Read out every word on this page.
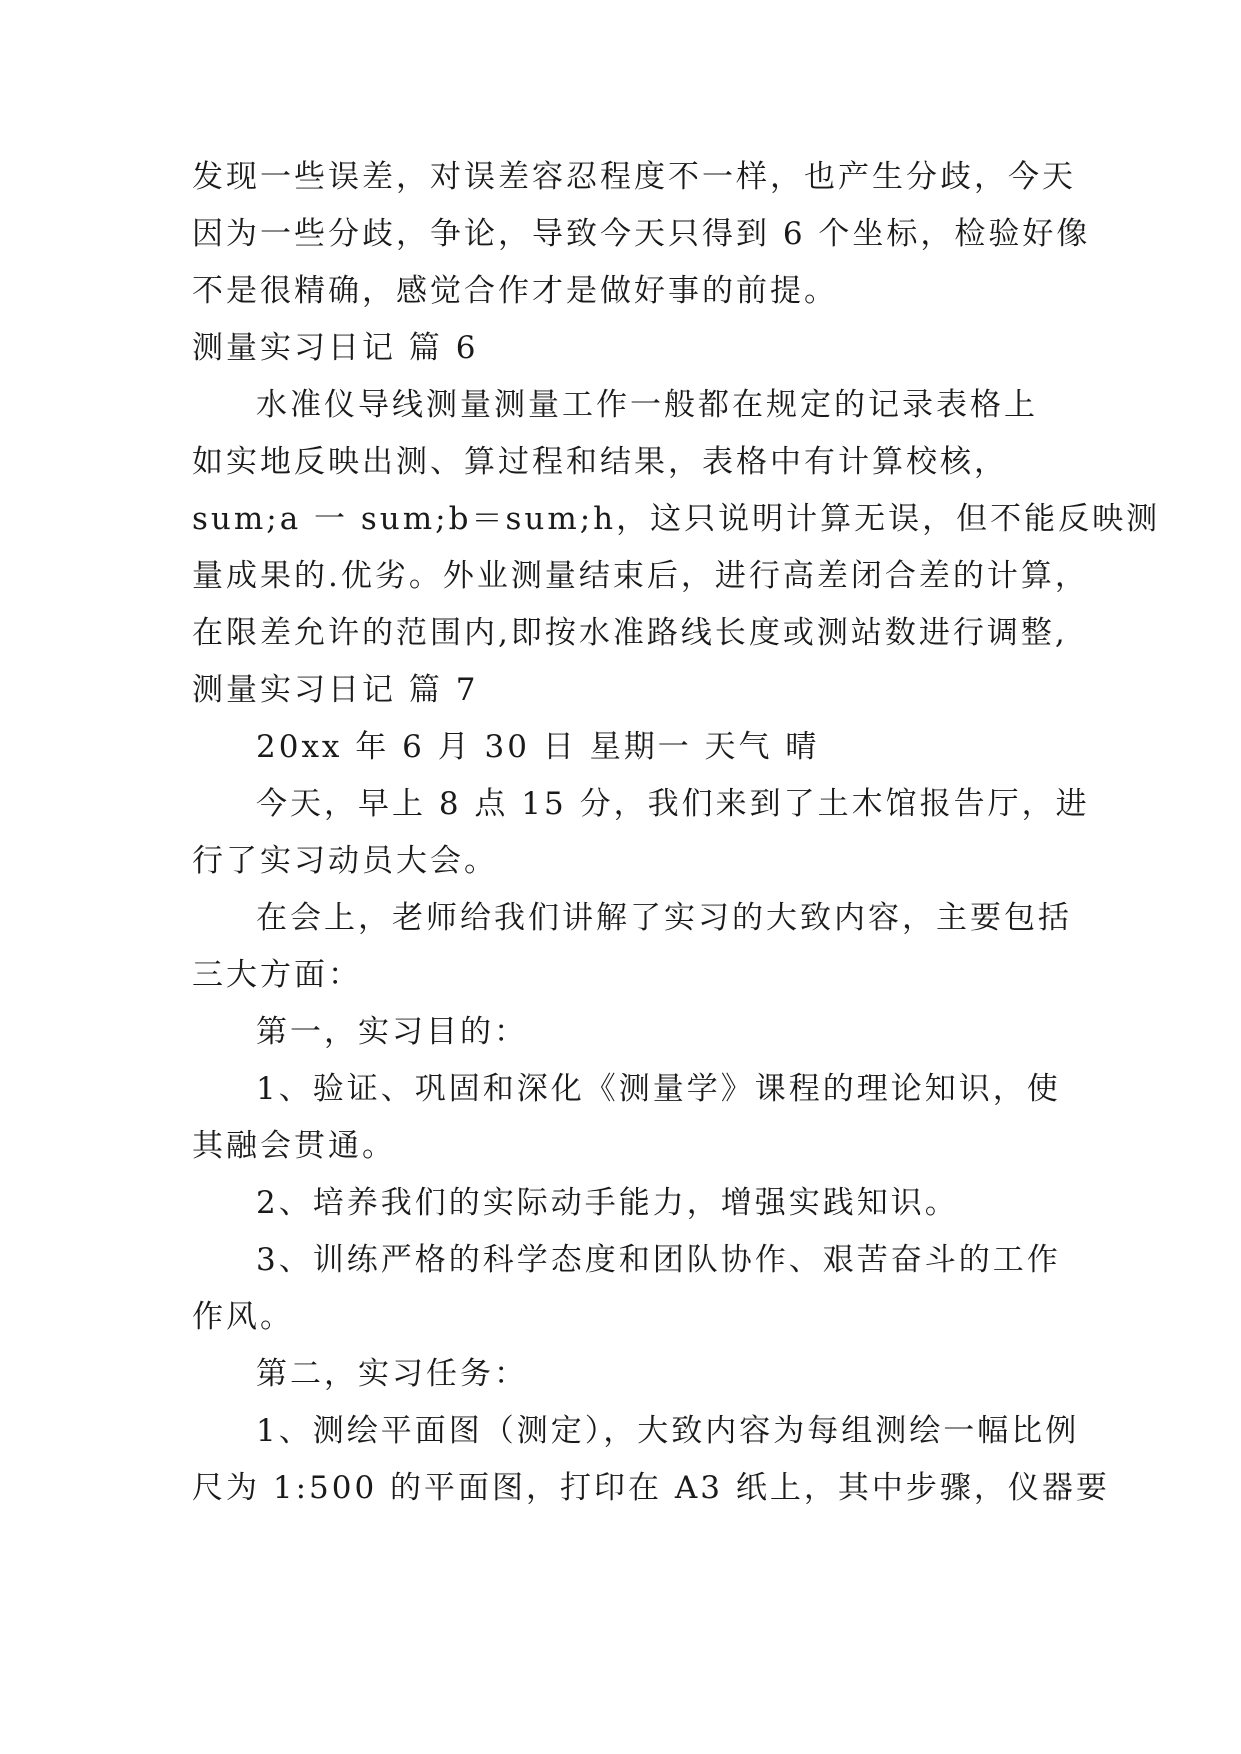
发现一些误差，对误差容忍程度不一样，也产生分歧，今天
因为一些分歧，争论，导致今天只得到 6 个坐标，检验好像
不是很精确，感觉合作才是做好事的前提。
测量实习日记 篇 6
水准仪导线测量测量工作一般都在规定的记录表格上
如实地反映出测、算过程和结果，表格中有计算校核，
sum;a 一 sum;b＝sum;h，这只说明计算无误，但不能反映测
量成果的.优劣。外业测量结束后，进行高差闭合差的计算，
在限差允许的范围内,即按水准路线长度或测站数进行调整,
测量实习日记 篇 7
20xx 年 6 月 30 日 星期一 天气 晴
今天，早上 8 点 15 分，我们来到了土木馆报告厅，进
行了实习动员大会。
在会上，老师给我们讲解了实习的大致内容，主要包括
三大方面：
第一，实习目的：
1、验证、巩固和深化《测量学》课程的理论知识，使
其融会贯通。
2、培养我们的实际动手能力，增强实践知识。
3、训练严格的科学态度和团队协作、艰苦奋斗的工作
作风。
第二，实习任务：
1、测绘平面图（测定），大致内容为每组测绘一幅比例
尺为 1:500 的平面图，打印在 A3 纸上，其中步骤，仪器要
